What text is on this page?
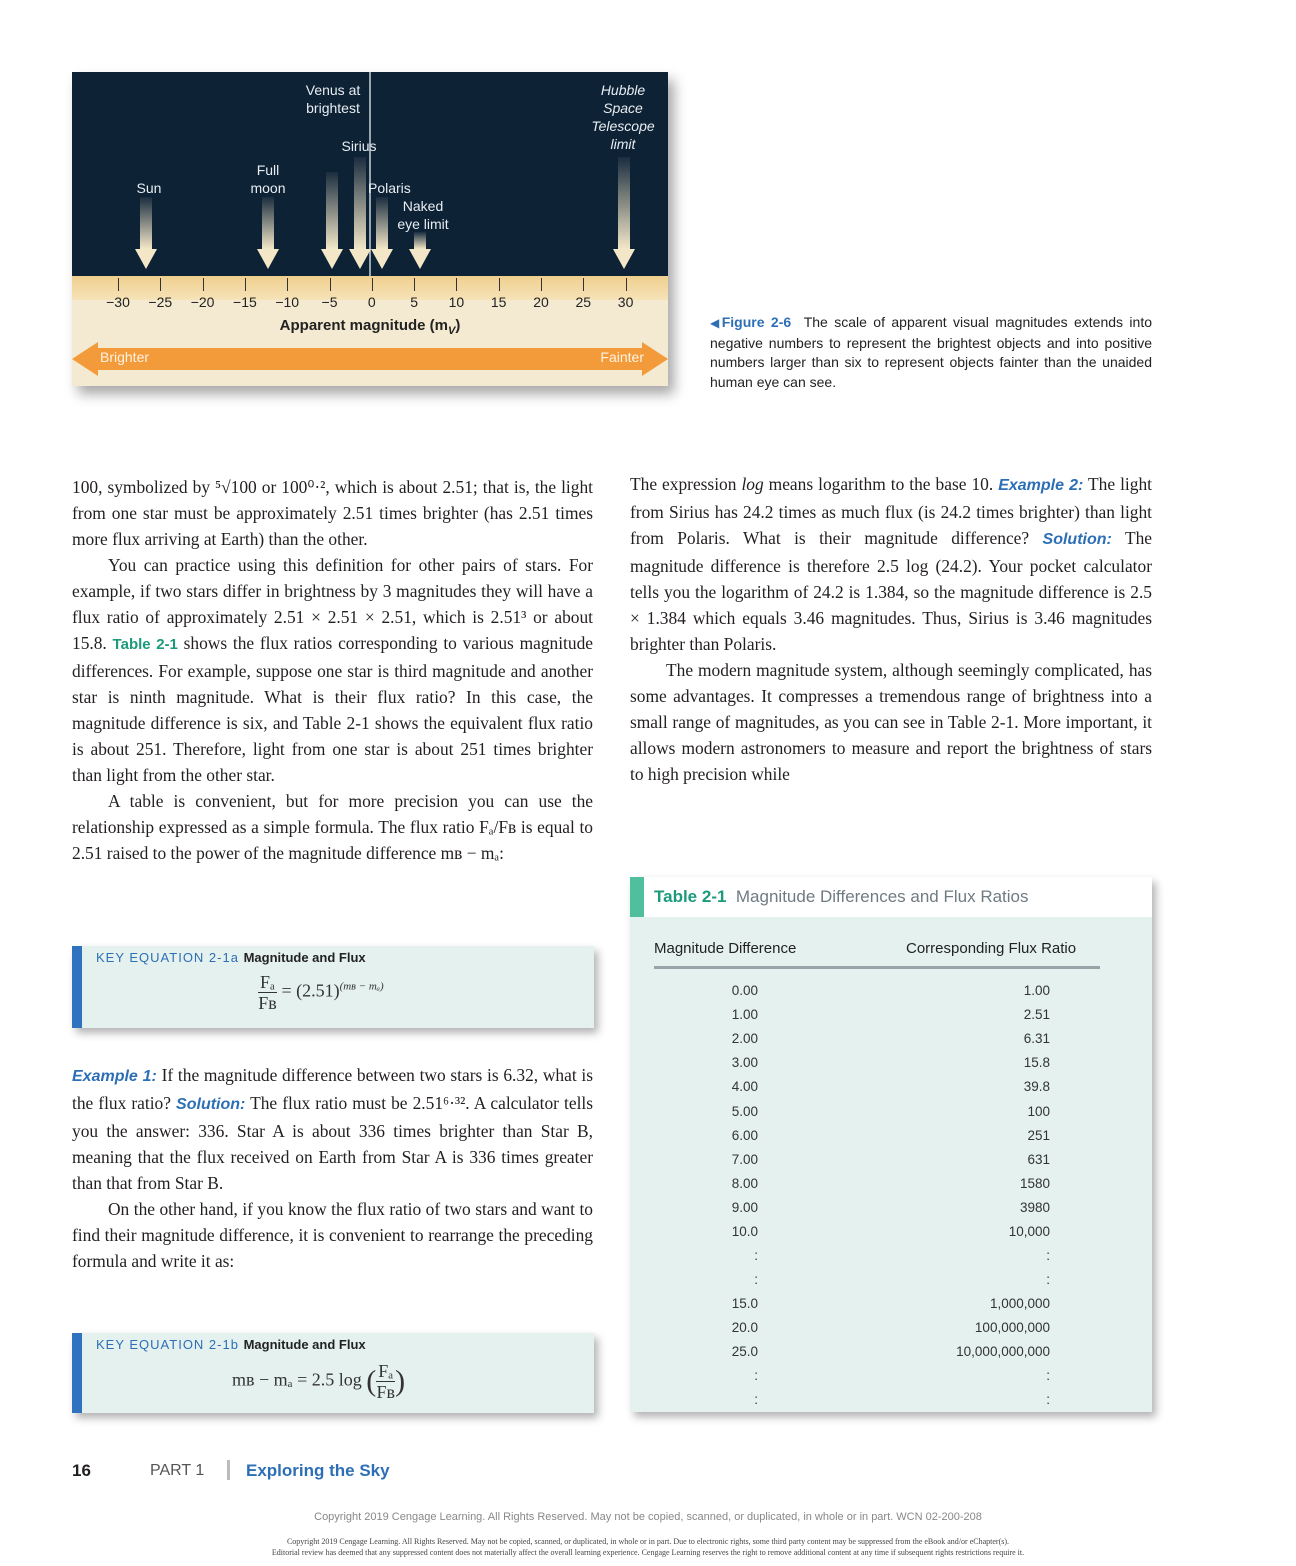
Venus at
brightest
Hubble
Space
Telescope
limit
Sirius
Full
moon
Sun	Polaris
Naked
eye limit
Apparent magnitude $(m_V)$
Brighter	Fainter
−30	−25	−20	−15	−10	−5	0	5	10	15	20	25	30
◀Figure 2-6 The scale of apparent visual magnitudes extends into negative numbers to represent the brightest objects and into positive numbers larger than six to represent objects fainter than the unaided human eye can see.

100, symbolized by ⁵√100 or 100⁰·², which is about 2.51; that is, the light from one star must be approximately 2.51 times brighter (has 2.51 times more flux arriving at Earth) than the other.

You can practice using this definition for other pairs of stars. For example, if two stars differ in brightness by 3 magnitudes they will have a flux ratio of approximately 2.51 × 2.51 × 2.51, which is 2.51³ or about 15.8. Table 2-1 shows the flux ratios corresponding to various magnitude differences. For example, suppose one star is third magnitude and another star is ninth magnitude. What is their flux ratio? In this case, the magnitude difference is six, and Table 2-1 shows the equivalent flux ratio is about 251. Therefore, light from one star is about 251 times brighter than light from the other star.

A table is convenient, but for more precision you can use the relationship expressed as a simple formula. The flux ratio Fₐ/Fʙ is equal to 2.51 raised to the power of the magnitude difference mʙ − mₐ:

KEY EQUATION 2-1a Magnitude and Flux
$\frac{\text{Fₐ}}{\text{Fʙ}} = (2.51)^{(mʙ - m_a)}$

Example 1: If the magnitude difference between two stars is 6.32, what is the flux ratio? Solution: The flux ratio must be 2.51⁶·³². A calculator tells you the answer: 336. Star A is about 336 times brighter than Star B, meaning that the flux received on Earth from Star A is 336 times greater than that from Star B.

On the other hand, if you know the flux ratio of two stars and want to find their magnitude difference, it is convenient to rearrange the preceding formula and write it as:

KEY EQUATION 2-1b Magnitude and Flux
mʙ − mₐ = 2.5 log ( $\frac{\text{Fₐ}}{\text{Fʙ}}$ )

The expression log means logarithm to the base 10. Example 2: The light from Sirius has 24.2 times as much flux (is 24.2 times brighter) than light from Polaris. What is their magnitude difference? Solution: The magnitude difference is therefore 2.5 log (24.2). Your pocket calculator tells you the logarithm of 24.2 is 1.384, so the magnitude difference is 2.5 × 1.384 which equals 3.46 magnitudes. Thus, Sirius is 3.46 magnitudes brighter than Polaris.

The modern magnitude system, although seemingly complicated, has some advantages. It compresses a tremendous range of brightness into a small range of magnitudes, as you can see in Table 2-1. More important, it allows modern astronomers to measure and report the brightness of stars to high precision while

Table 2-1 Magnitude Differences and Flux Ratios
Magnitude Difference	Corresponding Flux Ratio
0.00	1.00
1.00	2.51
2.00	6.31
3.00	15.8
4.00	39.8
5.00	100
6.00	251
7.00	631
8.00	1580
9.00	3980
10.0	10,000
:	:
:	:
15.0	1,000,000
20.0	100,000,000
25.0	10,000,000,000
:	:
:	:
16	PART 1 Exploring the Sky
Copyright 2019 Cengage Learning. All Rights Reserved. May not be copied, scanned, or duplicated, in whole or in part. WCN 02-200-208
Copyright 2019 Cengage Learning. All Rights Reserved. May not be copied, scanned, or duplicated, in whole or in part. Due to electronic rights, some third party content may be suppressed from the eBook and/or eChapter(s).
Editorial review has deemed that any suppressed content does not materially affect the overall learning experience. Cengage Learning reserves the right to remove additional content at any time if subsequent rights restrictions require it.
